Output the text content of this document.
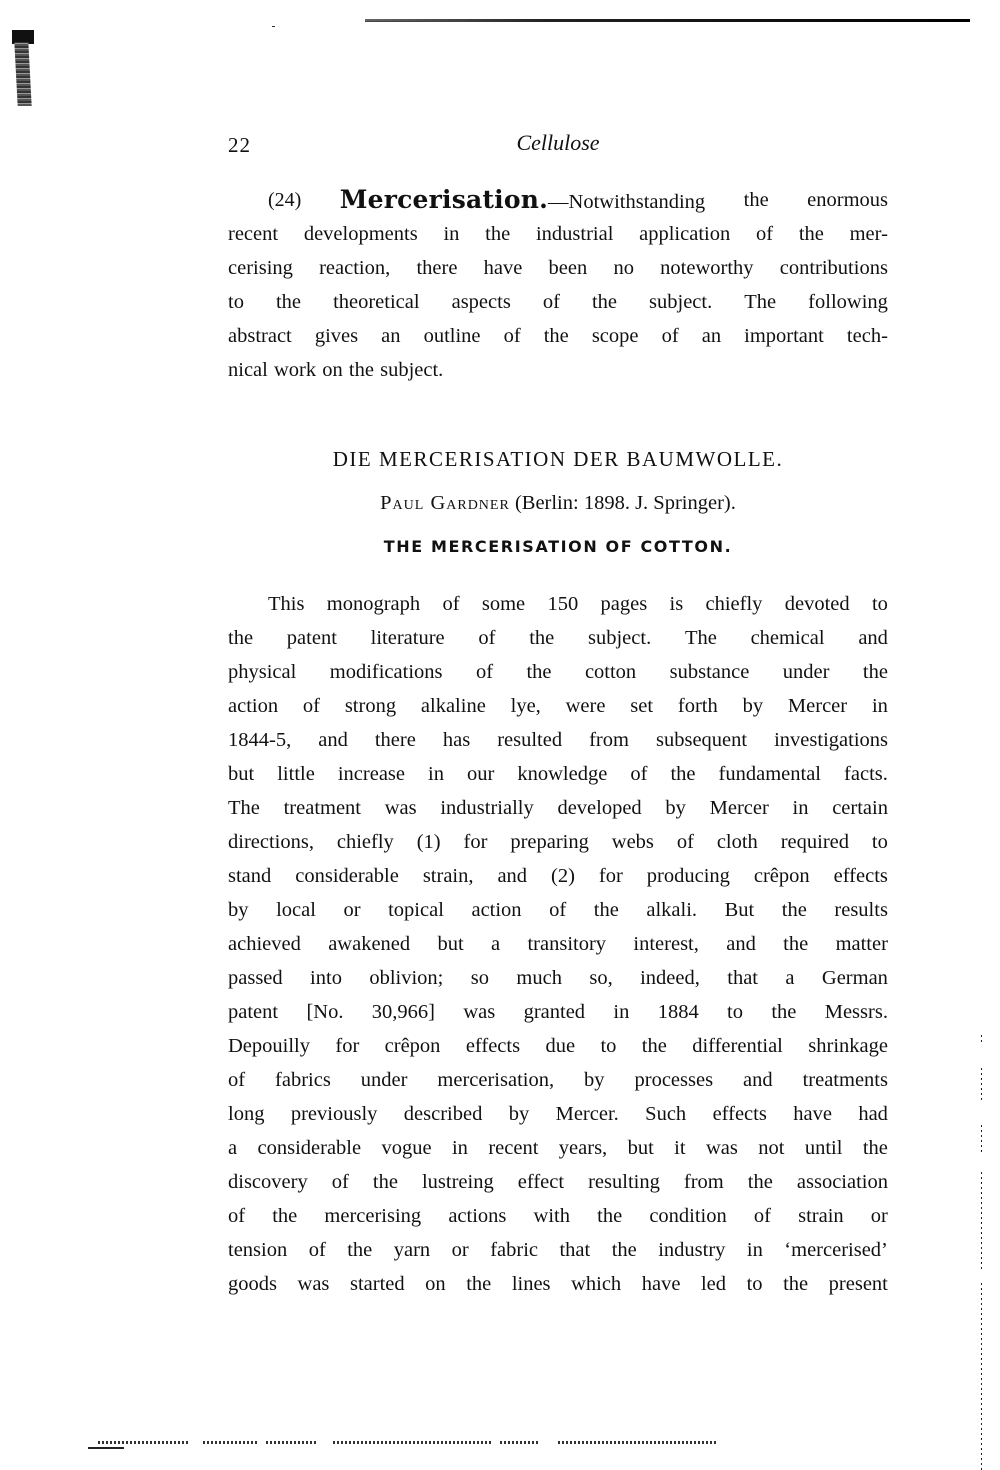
22	Cellulose
(24) Mercerisation.—Notwithstanding the enormous
recent developments in the industrial application of the mer-
cerising reaction, there have been no noteworthy contributions
to the theoretical aspects of the subject. The following
abstract gives an outline of the scope of an important tech-
nical work on the subject.
DIE MERCERISATION DER BAUMWOLLE.
Paul Gardner (Berlin: 1898. J. Springer).
THE MERCERISATION OF COTTON.
This monograph of some 150 pages is chiefly devoted to
the patent literature of the subject. The chemical and
physical modifications of the cotton substance under the
action of strong alkaline lye, were set forth by Mercer in
1844-5, and there has resulted from subsequent investigations
but little increase in our knowledge of the fundamental facts.
The treatment was industrially developed by Mercer in certain
directions, chiefly (1) for preparing webs of cloth required to
stand considerable strain, and (2) for producing crêpon effects
by local or topical action of the alkali. But the results
achieved awakened but a transitory interest, and the matter
passed into oblivion; so much so, indeed, that a German
patent [No. 30,966] was granted in 1884 to the Messrs.
Depouilly for crêpon effects due to the differential shrinkage
of fabrics under mercerisation, by processes and treatments
long previously described by Mercer. Such effects have had
a considerable vogue in recent years, but it was not until the
discovery of the lustreing effect resulting from the association
of the mercerising actions with the condition of strain or
tension of the yarn or fabric that the industry in ‘mercerised’
goods was started on the lines which have led to the present
